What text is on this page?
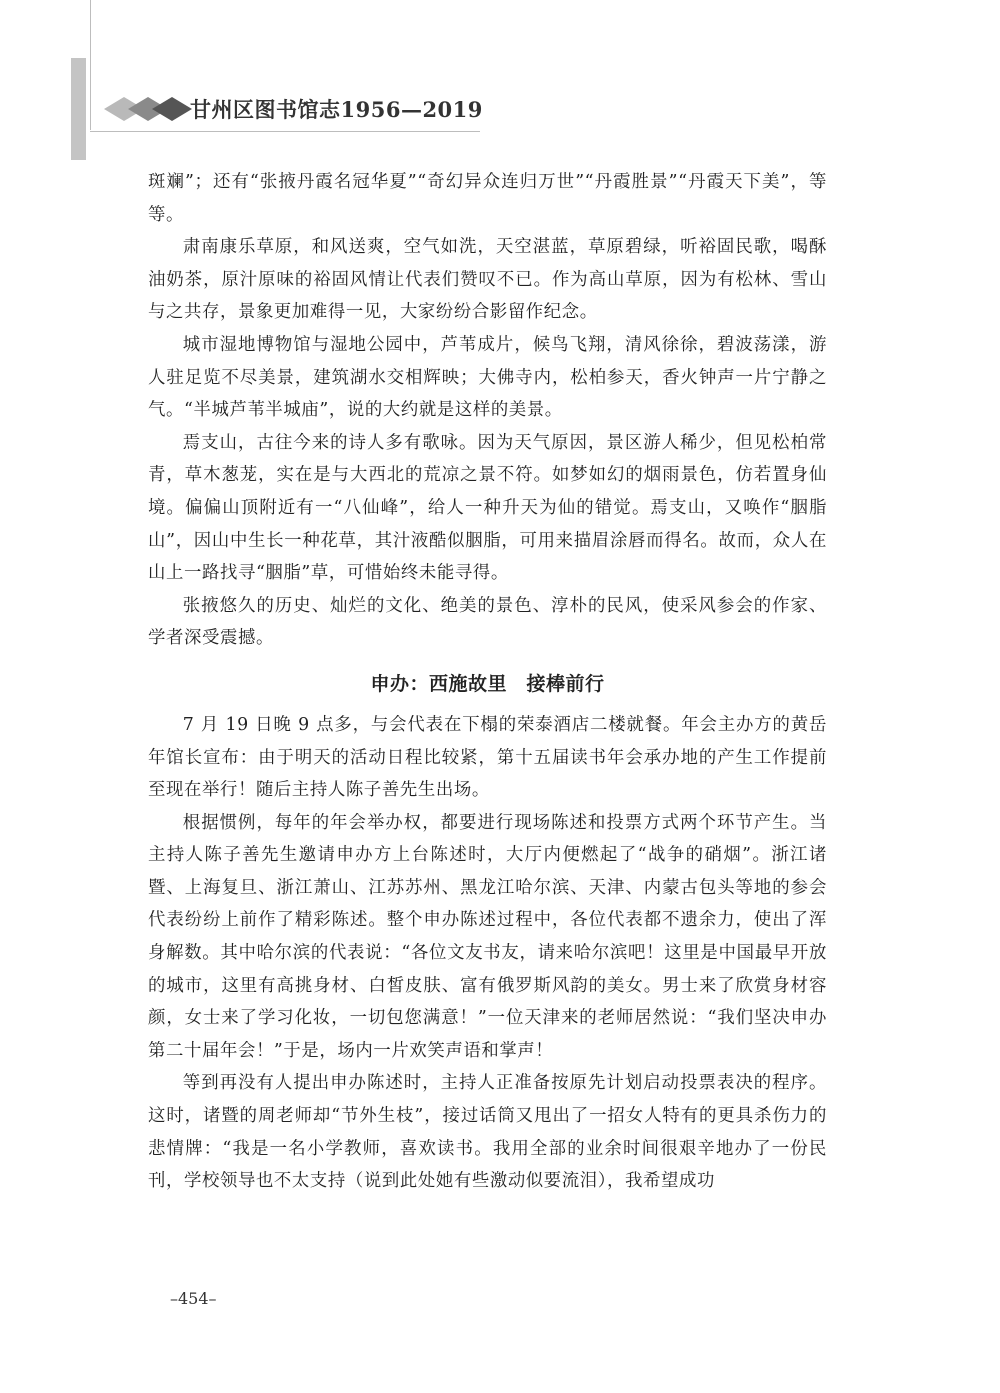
甘州区图书馆志1956—2019

斑斓”；还有“张掖丹霞名冠华夏”“奇幻异众连归万世”“丹霞胜景”“丹霞天下美”，等等。

肃南康乐草原，和风送爽，空气如洗，天空湛蓝，草原碧绿，听裕固民歌，喝酥油奶茶，原汁原味的裕固风情让代表们赞叹不已。作为高山草原，因为有松林、雪山与之共存，景象更加难得一见，大家纷纷合影留作纪念。

城市湿地博物馆与湿地公园中，芦苇成片，候鸟飞翔，清风徐徐，碧波荡漾，游人驻足览不尽美景，建筑湖水交相辉映；大佛寺内，松柏参天，香火钟声一片宁静之气。“半城芦苇半城庙”，说的大约就是这样的美景。

焉支山，古往今来的诗人多有歌咏。因为天气原因，景区游人稀少，但见松柏常青，草木葱茏，实在是与大西北的荒凉之景不符。如梦如幻的烟雨景色，仿若置身仙境。偏偏山顶附近有一“八仙峰”，给人一种升天为仙的错觉。焉支山，又唤作“胭脂山”，因山中生长一种花草，其汁液酷似胭脂，可用来描眉涂唇而得名。故而，众人在山上一路找寻“胭脂”草，可惜始终未能寻得。

张掖悠久的历史、灿烂的文化、绝美的景色、淳朴的民风，使采风参会的作家、学者深受震撼。

申办：西施故里　接棒前行

7 月 19 日晚 9 点多，与会代表在下榻的荣泰酒店二楼就餐。年会主办方的黄岳年馆长宣布：由于明天的活动日程比较紧，第十五届读书年会承办地的产生工作提前至现在举行！随后主持人陈子善先生出场。

根据惯例，每年的年会举办权，都要进行现场陈述和投票方式两个环节产生。当主持人陈子善先生邀请申办方上台陈述时，大厅内便燃起了“战争的硝烟”。浙江诸暨、上海复旦、浙江萧山、江苏苏州、黑龙江哈尔滨、天津、内蒙古包头等地的参会代表纷纷上前作了精彩陈述。整个申办陈述过程中，各位代表都不遗余力，使出了浑身解数。其中哈尔滨的代表说：“各位文友书友，请来哈尔滨吧！这里是中国最早开放的城市，这里有高挑身材、白皙皮肤、富有俄罗斯风韵的美女。男士来了欣赏身材容颜，女士来了学习化妆，一切包您满意！”一位天津来的老师居然说：“我们坚决申办第二十届年会！”于是，场内一片欢笑声语和掌声！

等到再没有人提出申办陈述时，主持人正准备按原先计划启动投票表决的程序。这时，诸暨的周老师却“节外生枝”，接过话筒又甩出了一招女人特有的更具杀伤力的悲情牌：“我是一名小学教师，喜欢读书。我用全部的业余时间很艰辛地办了一份民刊，学校领导也不太支持（说到此处她有些激动似要流泪），我希望成功

–454–
